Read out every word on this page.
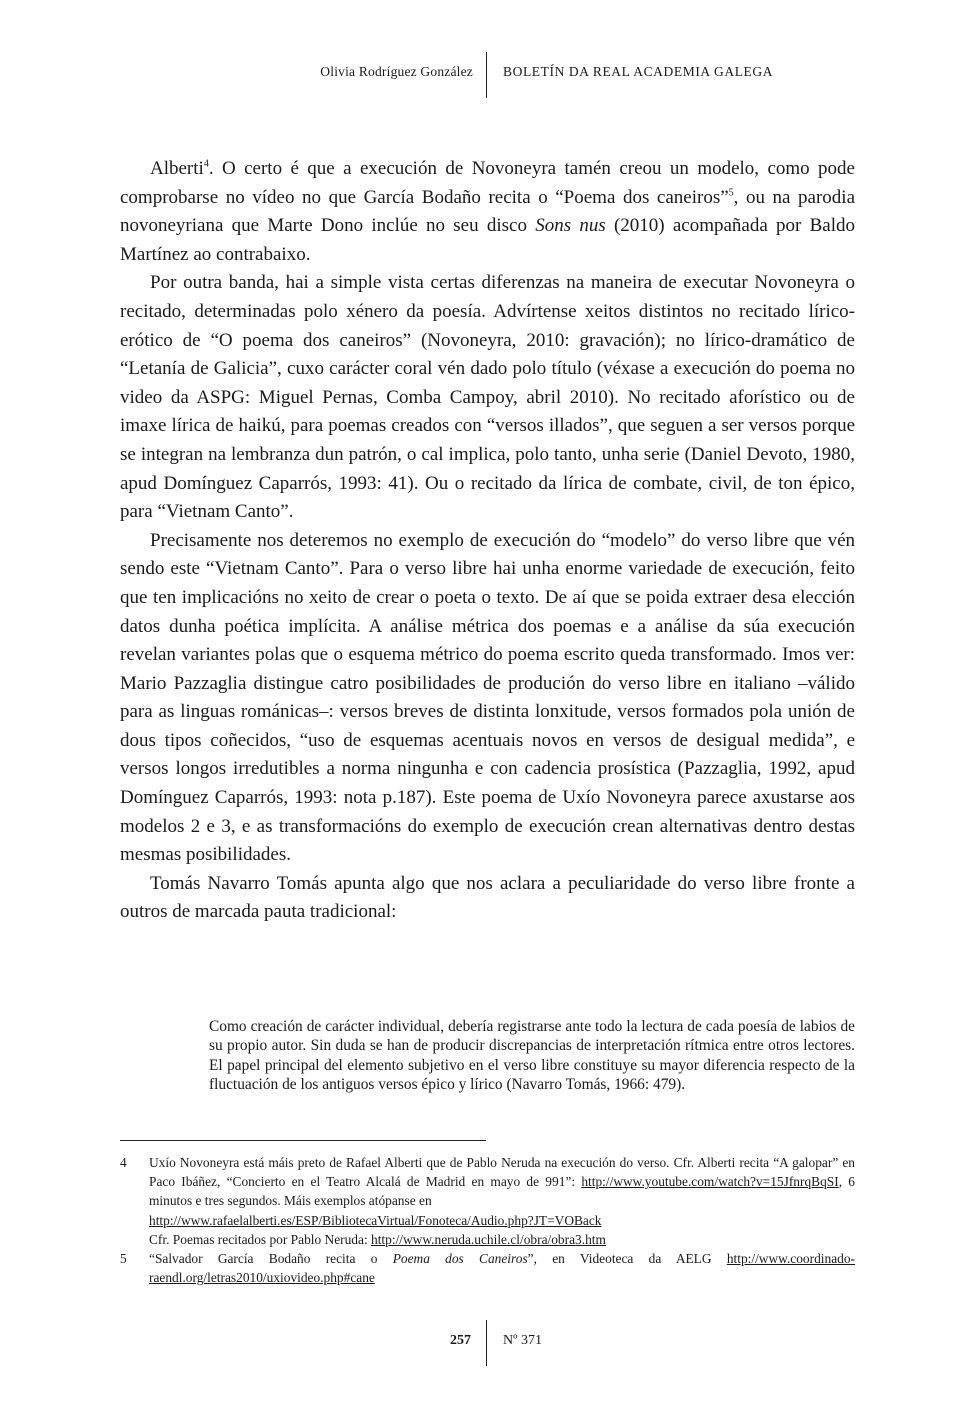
Olivia Rodríguez González BOLETÍN DA REAL ACADEMIA GALEGA

Alberti$^4$. O certo é que a execución de Novoneyra tamén creou un modelo, como pode comprobarse no vídeo no que García Bodaño recita o “Poema dos caneiros”$^5$, ou na parodia novoneyriana que Marte Dono inclúe no seu disco Sons nus (2010) acompañada por Baldo Martínez ao contrabaixo.

Por outra banda, hai a simple vista certas diferenzas na maneira de executar Novoneyra o recitado, determinadas polo xénero da poesía. Advírtense xeitos distintos no recitado lírico-erótico de “O poema dos caneiros” (Novoneyra, 2010: gravación); no lírico-dramático de “Letanía de Galicia”, cuxo carácter coral vén dado polo título (véxase a execución do poema no video da ASPG: Miguel Pernas, Comba Campoy, abril 2010). No recitado aforístico ou de imaxe lírica de haikú, para poemas creados con “versos illados”, que seguen a ser versos porque se integran na lembranza dun patrón, o cal implica, polo tanto, unha serie (Daniel Devoto, 1980, apud Domínguez Caparrós, 1993: 41). Ou o recitado da lírica de combate, civil, de ton épico, para “Vietnam Canto”.

Precisamente nos deteremos no exemplo de execución do “modelo” do verso libre que vén sendo este “Vietnam Canto”. Para o verso libre hai unha enorme variedade de execución, feito que ten implicacións no xeito de crear o poeta o texto. De aí que se poida extraer desa elección datos dunha poética implícita. A análise métrica dos poemas e a análise da súa execución revelan variantes polas que o esquema métrico do poema escrito queda transformado. Imos ver: Mario Pazzaglia distingue catro posibilidades de produción do verso libre en italiano –válido para as linguas románicas–: versos breves de distinta lonxitude, versos formados pola unión de dous tipos coñecidos, “uso de esquemas acentuais novos en versos de desigual medida”, e versos longos irredutibles a norma ningunha e con cadencia prosística (Pazzaglia, 1992, apud Domínguez Caparrós, 1993: nota p.187). Este poema de Uxío Novoneyra parece axustarse aos modelos 2 e 3, e as transformacións do exemplo de execución crean alternativas dentro destas mesmas posibilidades.

Tomás Navarro Tomás apunta algo que nos aclara a peculiaridade do verso libre fronte a outros de marcada pauta tradicional:

Como creación de carácter individual, debería registrarse ante todo la lectura de cada poesía de labios de su propio autor. Sin duda se han de producir discrepancias de interpretación rítmica entre otros lectores. El papel principal del elemento subjetivo en el verso libre constituye su mayor diferencia respecto de la fluctuación de los antiguos versos épico y lírico (Navarro Tomás, 1966: 479).

4 Uxío Novoneyra está máis preto de Rafael Alberti que de Pablo Neruda na execución do verso. Cfr. Alberti recita “A galopar” en Paco Ibáñez, “Concierto en el Teatro Alcalá de Madrid en mayo de 991”: http://www.youtube.com/watch?v=15JfnrqBqSI, 6 minutos e tres segundos. Máis exemplos atópanse en
http://www.rafaelalberti.es/ESP/BibliotecaVirtual/Fonoteca/Audio.php?JT=VOBack
Cfr. Poemas recitados por Pablo Neruda: http://www.neruda.uchile.cl/obra/obra3.htm
5 “Salvador García Bodaño recita o Poema dos Caneiros”, en Videoteca da AELG http://www.coordinadoraendl.org/letras2010/uxiovideo.php#cane
257 Nº 371
